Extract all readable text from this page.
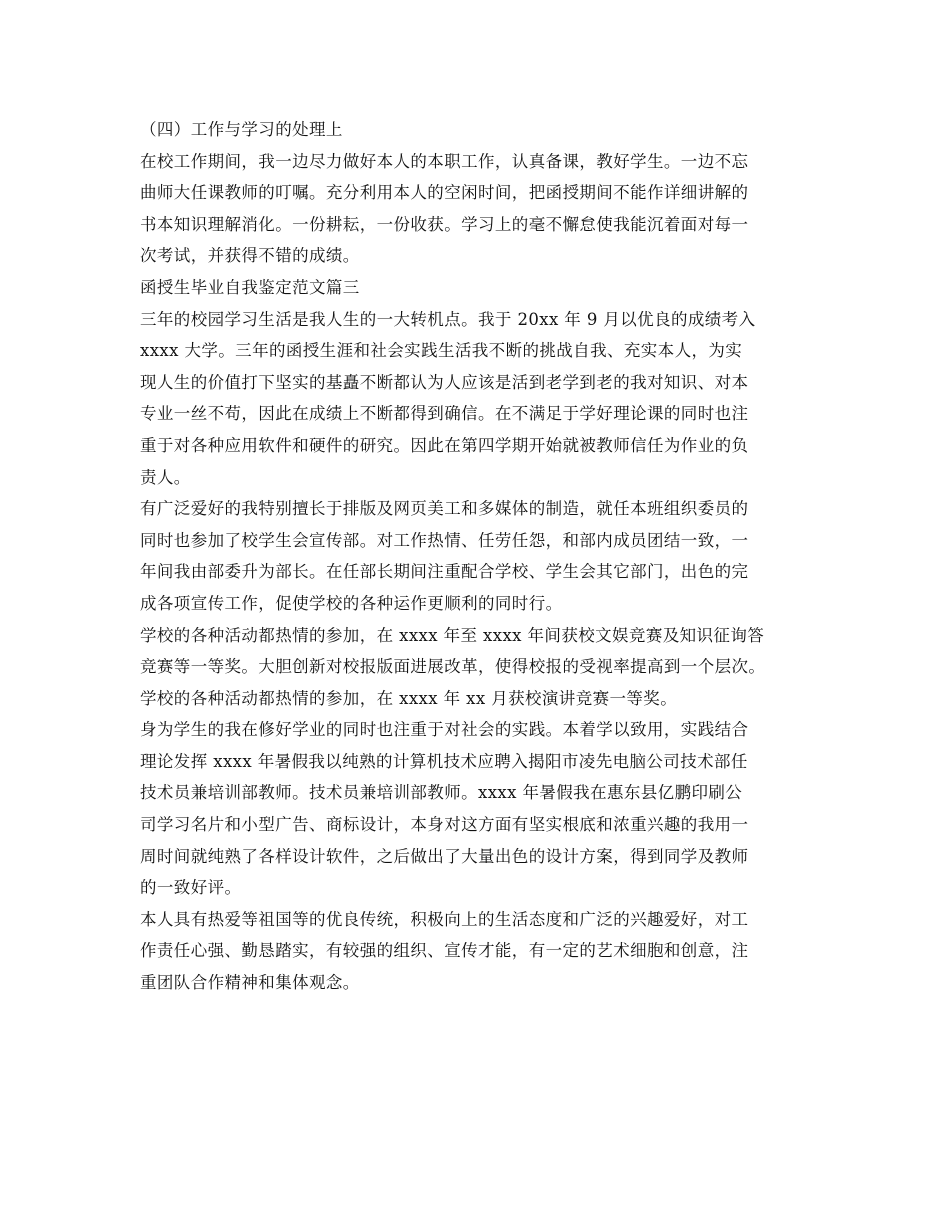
（四）工作与学习的处理上
在校工作期间，我一边尽力做好本人的本职工作，认真备课，教好学生。一边不忘
曲师大任课教师的叮嘱。充分利用本人的空闲时间，把函授期间不能作详细讲解的
书本知识理解消化。一份耕耘，一份收获。学习上的毫不懈怠使我能沉着面对每一
次考试，并获得不错的成绩。
函授生毕业自我鉴定范文篇三
三年的校园学习生活是我人生的一大转机点。我于 20xx 年 9 月以优良的成绩考入
xxxx 大学。三年的函授生涯和社会实践生活我不断的挑战自我、充实本人，为实
现人生的价值打下坚实的基矗不断都认为人应该是活到老学到老的我对知识、对本
专业一丝不苟，因此在成绩上不断都得到确信。在不满足于学好理论课的同时也注
重于对各种应用软件和硬件的研究。因此在第四学期开始就被教师信任为作业的负
责人。
有广泛爱好的我特别擅长于排版及网页美工和多媒体的制造，就任本班组织委员的
同时也参加了校学生会宣传部。对工作热情、任劳任怨，和部内成员团结一致，一
年间我由部委升为部长。在任部长期间注重配合学校、学生会其它部门，出色的完
成各项宣传工作，促使学校的各种运作更顺利的同时行。
学校的各种活动都热情的参加，在 xxxx 年至 xxxx 年间获校文娱竞赛及知识征询答
竞赛等一等奖。大胆创新对校报版面进展改革，使得校报的受视率提高到一个层次。
学校的各种活动都热情的参加，在 xxxx 年 xx 月获校演讲竞赛一等奖。
身为学生的我在修好学业的同时也注重于对社会的实践。本着学以致用，实践结合
理论发挥 xxxx 年暑假我以纯熟的计算机技术应聘入揭阳市凌先电脑公司技术部任
技术员兼培训部教师。技术员兼培训部教师。xxxx 年暑假我在惠东县亿鹏印刷公
司学习名片和小型广告、商标设计，本身对这方面有坚实根底和浓重兴趣的我用一
周时间就纯熟了各样设计软件，之后做出了大量出色的设计方案，得到同学及教师
的一致好评。
本人具有热爱等祖国等的优良传统，积极向上的生活态度和广泛的兴趣爱好，对工
作责任心强、勤恳踏实，有较强的组织、宣传才能，有一定的艺术细胞和创意，注
重团队合作精神和集体观念。
